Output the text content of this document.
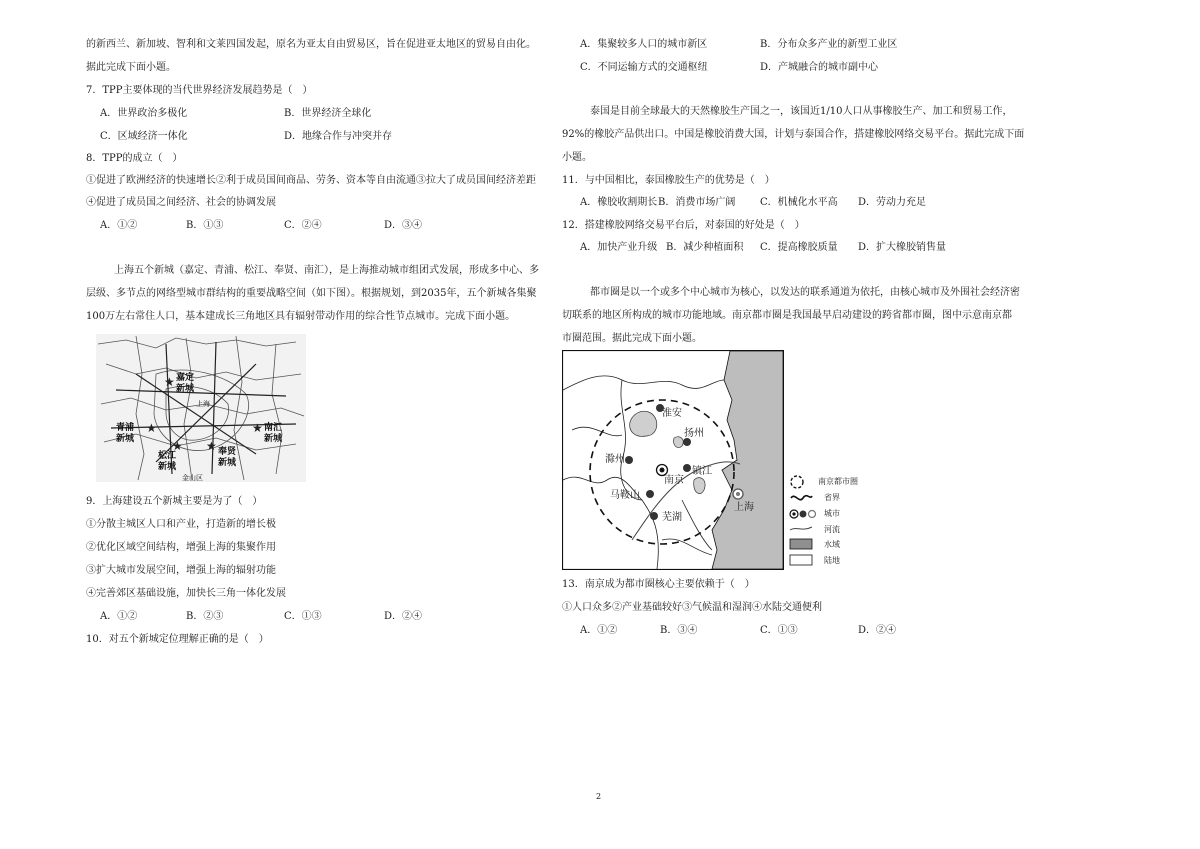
的新西兰、新加坡、智利和文莱四国发起，原名为亚太自由贸易区，旨在促进亚太地区的贸易自由化。
据此完成下面小题。
7．TPP主要体现的当代世界经济发展趋势是（　）
A．世界政治多极化	B．世界经济全球化
C．区域经济一体化	D．地缘合作与冲突并存
8．TPP的成立（　）
①促进了欧洲经济的快速增长②利于成员国间商品、劳务、资本等自由流通③拉大了成员国间经济差距
④促进了成员国之间经济、社会的协调发展
A．①②	B．①③	C．②④	D．③④
上海五个新城（嘉定、青浦、松江、奉贤、南汇），是上海推动城市组团式发展，形成多中心、多
层级、多节点的网络型城市群结构的重要战略空间（如下图）。根据规划，到2035年，五个新城各集聚
100万左右常住人口，基本建成长三角地区具有辐射带动作用的综合性节点城市。完成下面小题。
★
★
★ ★
★
嘉定
新城
上海
青浦
新城
松江
新城
奉贤
新城
南汇
新城
金山区
9．上海建设五个新城主要是为了（　）
①分散主城区人口和产业，打造新的增长极
②优化区域空间结构，增强上海的集聚作用
③扩大城市发展空间，增强上海的辐射功能
④完善郊区基础设施，加快长三角一体化发展
A．①②	B．②③	C．①③	D．②④
10．对五个新城定位理解正确的是（　）
A．集聚较多人口的城市新区	B．分布众多产业的新型工业区
C．不同运输方式的交通枢纽	D．产城融合的城市副中心
泰国是目前全球最大的天然橡胶生产国之一，该国近1/10人口从事橡胶生产、加工和贸易工作，
92%的橡胶产品供出口。中国是橡胶消费大国，计划与泰国合作，搭建橡胶网络交易平台。据此完成下面
小题。
11．与中国相比，泰国橡胶生产的优势是（　）
A．橡胶收割期长 B．消费市场广阔 C．机械化水平高 D．劳动力充足
12．搭建橡胶网络交易平台后，对泰国的好处是（　）
A．加快产业升级 B．减少种植面积 C．提高橡胶质量 D．扩大橡胶销售量
都市圈是以一个或多个中心城市为核心，以发达的联系通道为依托，由核心城市及外围社会经济密
切联系的地区所构成的城市功能地域。南京都市圈是我国最早启动建设的跨省都市圈，图中示意南京都
市圈范围。据此完成下面小题。
淮安
扬州
滁州
南京
镇江
马鞍山
芜湖
上海
南京都市圈
省界
城市
河流
水域
陆地
13．南京成为都市圈核心主要依赖于（　）
①人口众多②产业基础较好③气候温和湿润④水陆交通便利
A．①②	B．③④	C．①③	D．②④
2
